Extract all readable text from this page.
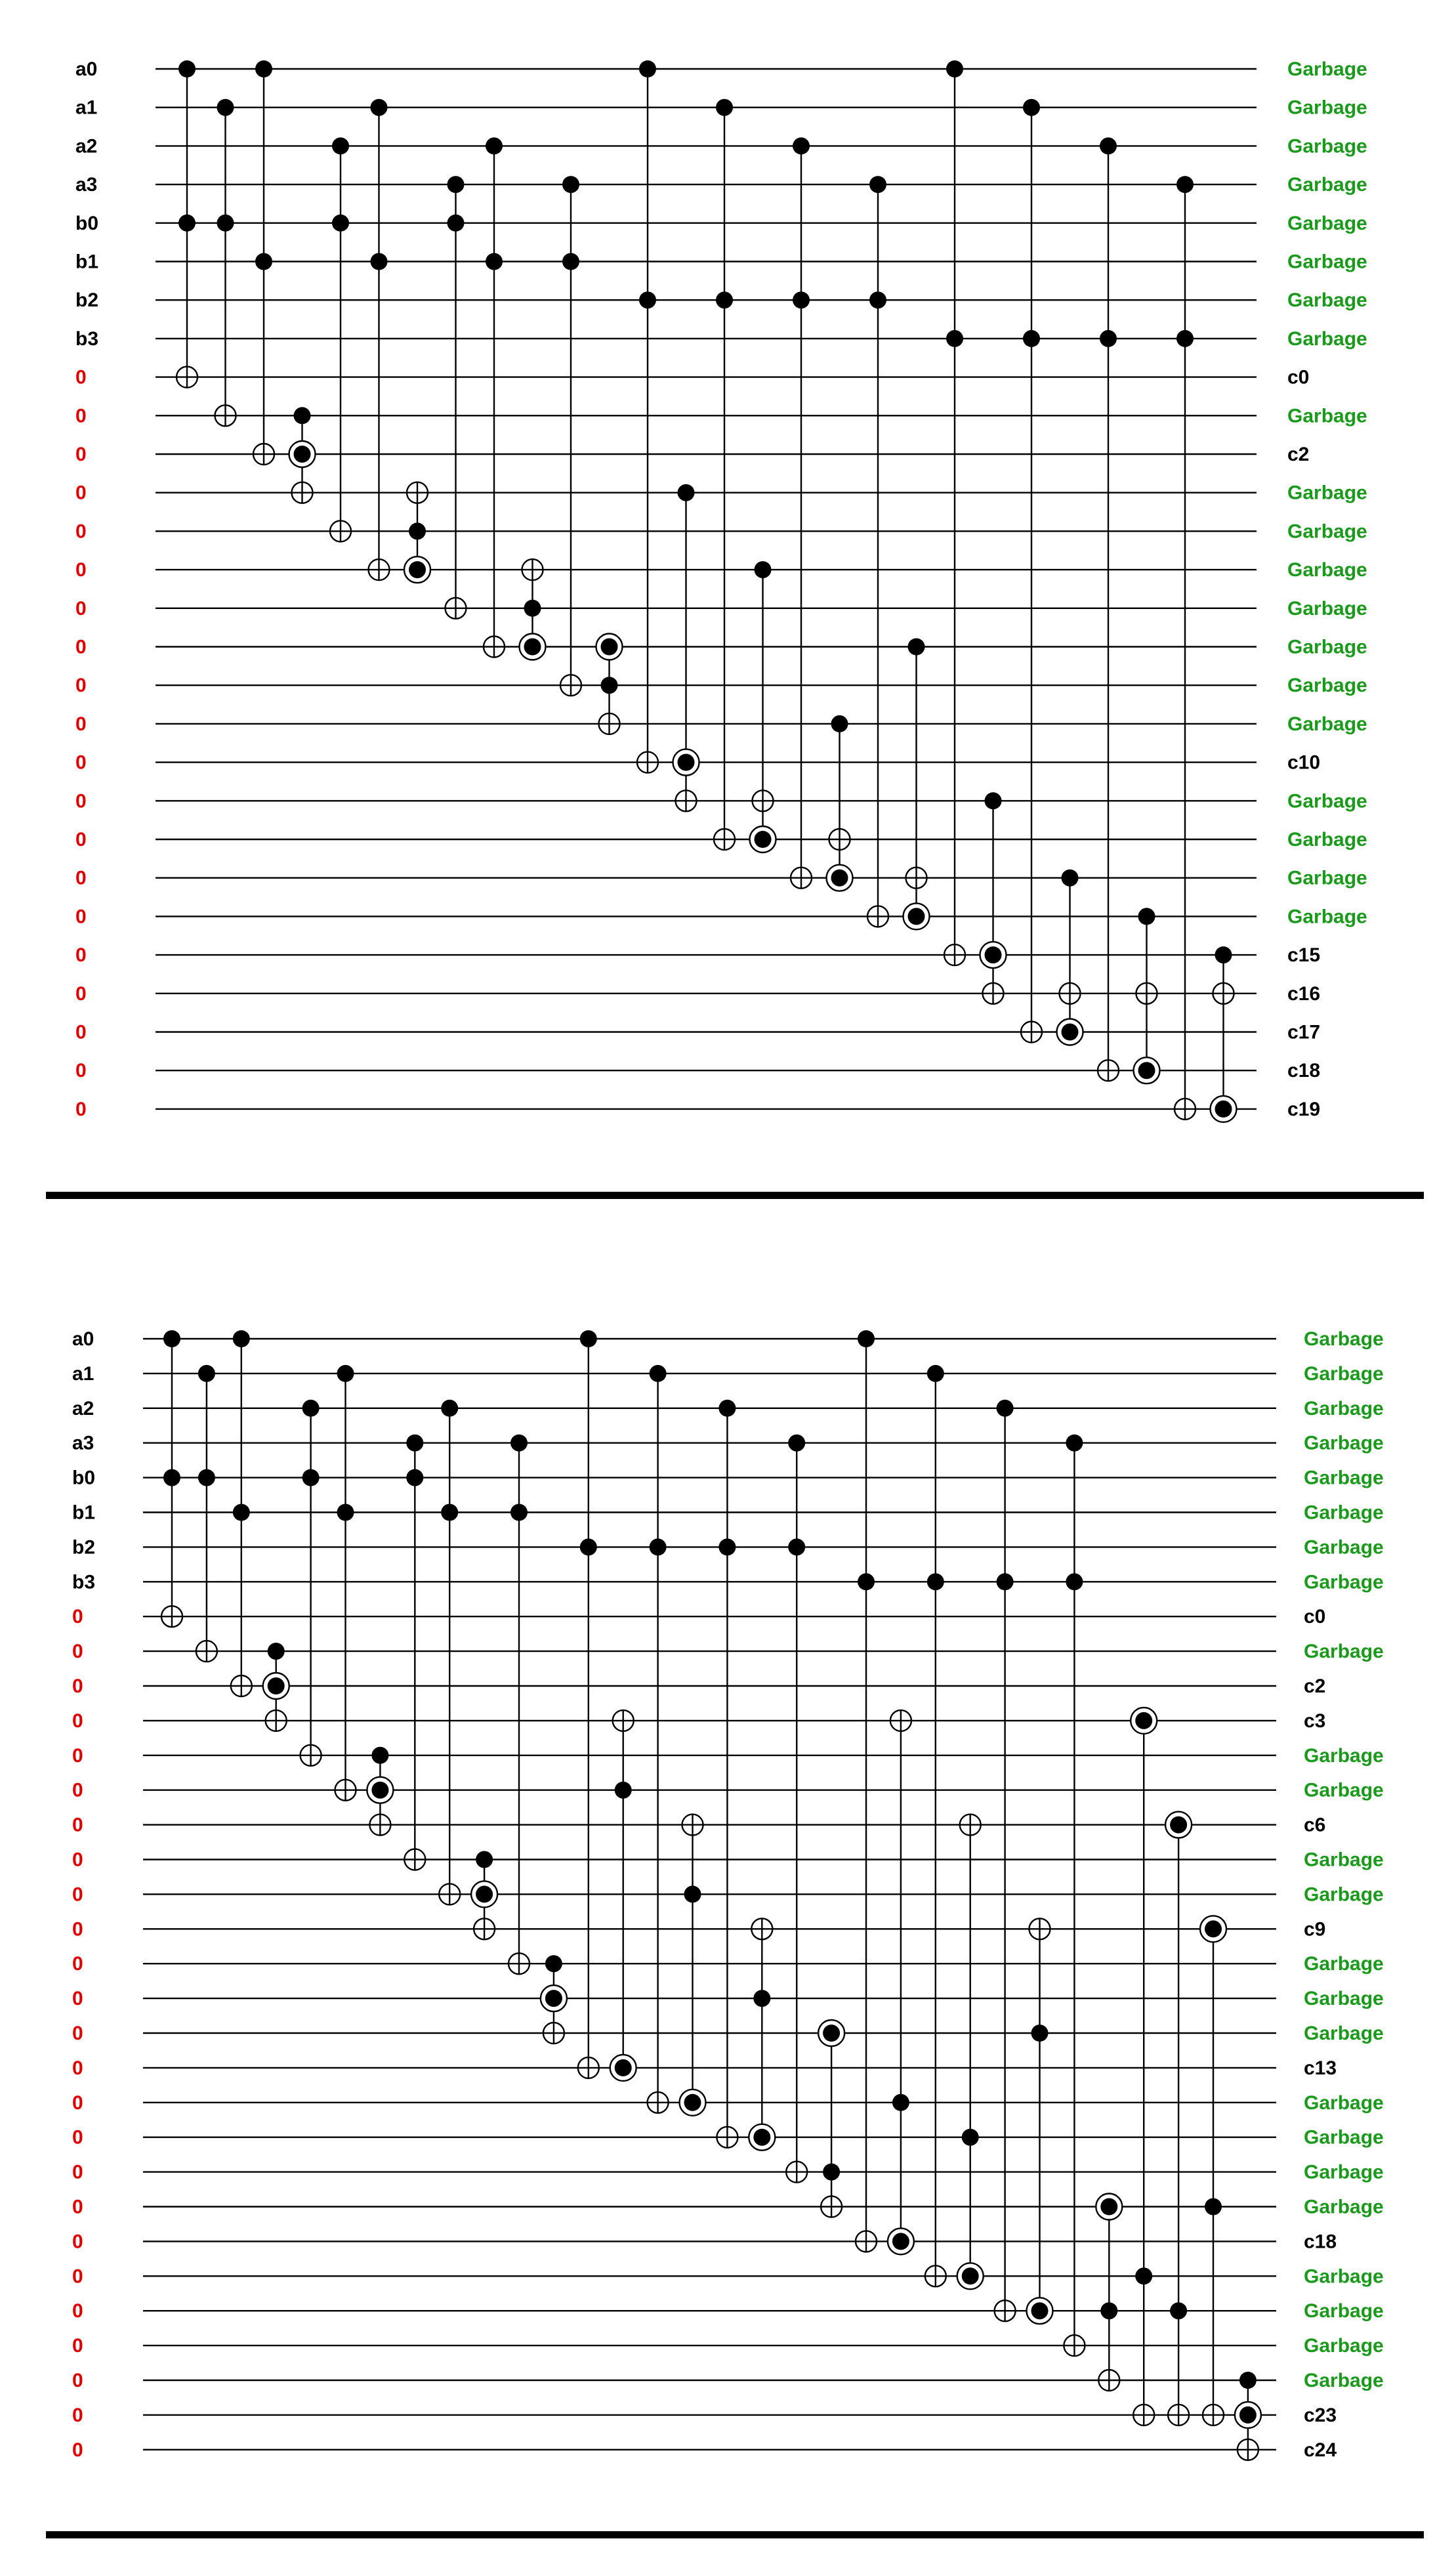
a0
a1
a2
a3
b0
b1
b2
b3
0
0
0
0
0
0
0
0
0
0
0
0
0
0
0
0
0
0
0
0
Garbage
Garbage
Garbage
Garbage
Garbage
Garbage
Garbage
Garbage
c0
Garbage
c2
Garbage
Garbage
Garbage
Garbage
Garbage
Garbage
Garbage
c10
Garbage
Garbage
Garbage
Garbage
c15
c16
c17
c18
c19
a0
a1
a2
a3
b0
b1
b2
b3
0
0
0
0
0
0
0
0
0
0
0
0
0
0
0
0
0
0
0
0
0
0
0
0
0
Garbage
Garbage
Garbage
Garbage
Garbage
Garbage
Garbage
Garbage
c0
Garbage
c2
c3
Garbage
Garbage
c6
Garbage
Garbage
c9
Garbage
Garbage
Garbage
c13
Garbage
Garbage
Garbage
Garbage
c18
Garbage
Garbage
Garbage
Garbage
c23
c24
